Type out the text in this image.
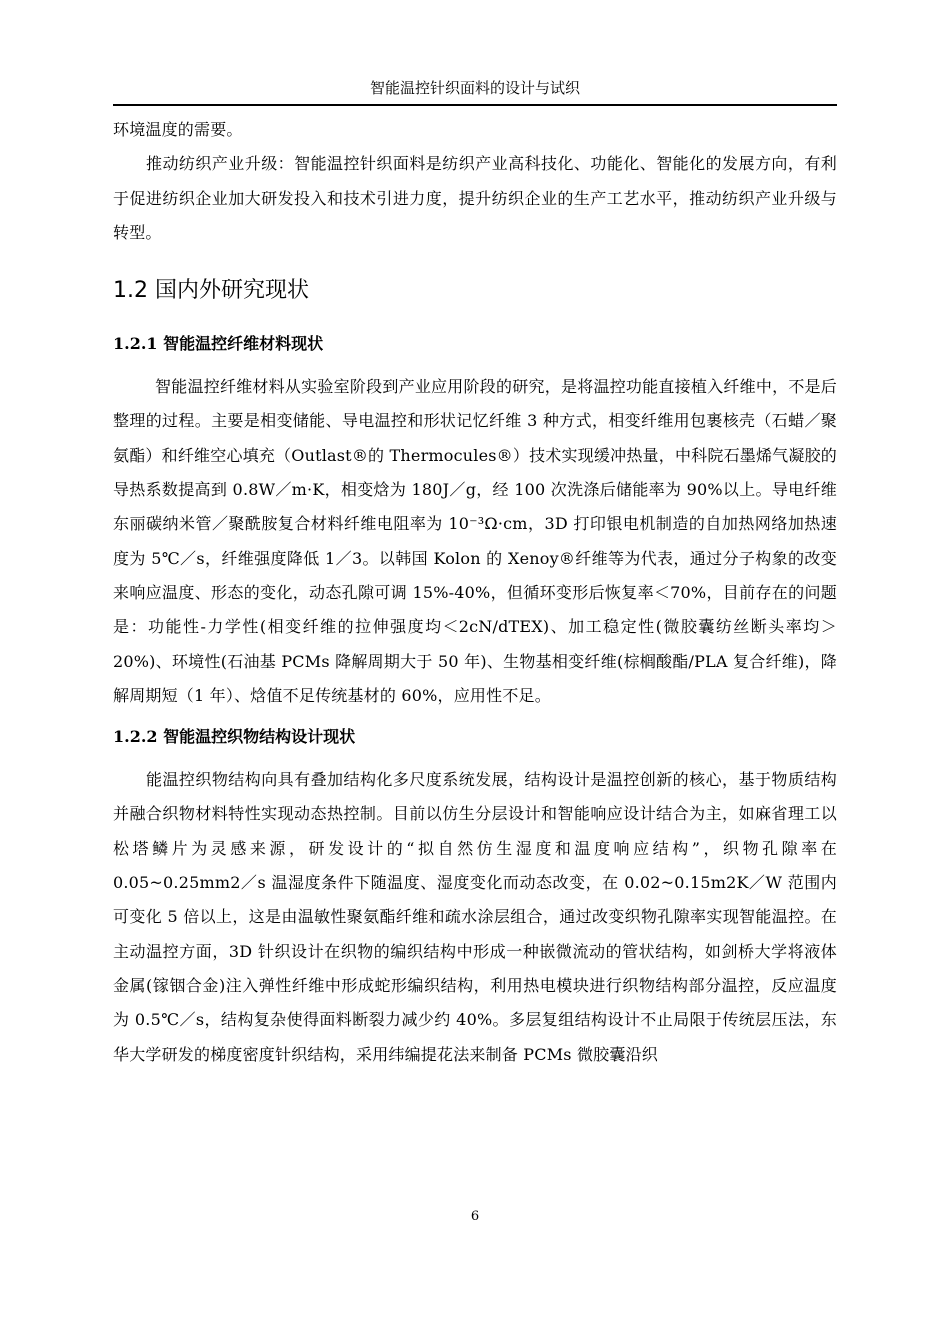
智能温控针织面料的设计与试织

环境温度的需要。

推动纺织产业升级：智能温控针织面料是纺织产业高科技化、功能化、智能化的发展方向，有利于促进纺织企业加大研发投入和技术引进力度，提升纺织企业的生产工艺水平，推动纺织产业升级与转型。

1.2 国内外研究现状
1.2.1 智能温控纤维材料现状

智能温控纤维材料从实验室阶段到产业应用阶段的研究，是将温控功能直接植入纤维中，不是后整理的过程。主要是相变储能、导电温控和形状记忆纤维 3 种方式，相变纤维用包裹核壳（石蜡／聚氨酯）和纤维空心填充（Outlast®的 Thermocules®）技术实现缓冲热量，中科院石墨烯气凝胶的导热系数提高到 0.8W／m·K，相变焓为 180J／g，经 100 次洗涤后储能率为 90%以上。导电纤维东丽碳纳米管／聚酰胺复合材料纤维电阻率为 10⁻³Ω·cm，3D 打印银电机制造的自加热网络加热速度为 5℃／s，纤维强度降低 1／3。以韩国 Kolon 的 Xenoy®纤维等为代表，通过分子构象的改变来响应温度、形态的变化，动态孔隙可调 15%-40%，但循环变形后恢复率＜70%，目前存在的问题是：功能性-力学性(相变纤维的拉伸强度均＜2cN/dTEX)、加工稳定性(微胶囊纺丝断头率均＞20%)、环境性(石油基 PCMs 降解周期大于 50 年)、生物基相变纤维(棕榈酸酯/PLA 复合纤维)，降解周期短（1 年）、焓值不足传统基材的 60%，应用性不足。

1.2.2 智能温控织物结构设计现状

能温控织物结构向具有叠加结构化多尺度系统发展，结构设计是温控创新的核心，基于物质结构并融合织物材料特性实现动态热控制。目前以仿生分层设计和智能响应设计结合为主，如麻省理工以松塔鳞片为灵感来源，研发设计的“拟自然仿生湿度和温度响应结构”，织物孔隙率在 0.05~0.25mm2／s 温湿度条件下随温度、湿度变化而动态改变，在 0.02~0.15m2K／W 范围内可变化 5 倍以上，这是由温敏性聚氨酯纤维和疏水涂层组合，通过改变织物孔隙率实现智能温控。在主动温控方面，3D 针织设计在织物的编织结构中形成一种嵌微流动的管状结构，如剑桥大学将液体金属(镓铟合金)注入弹性纤维中形成蛇形编织结构，利用热电模块进行织物结构部分温控，反应温度为 0.5℃／s，结构复杂使得面料断裂力减少约 40%。多层复组结构设计不止局限于传统层压法，东华大学研发的梯度密度针织结构，采用纬编提花法来制备 PCMs 微胶囊沿织

6
